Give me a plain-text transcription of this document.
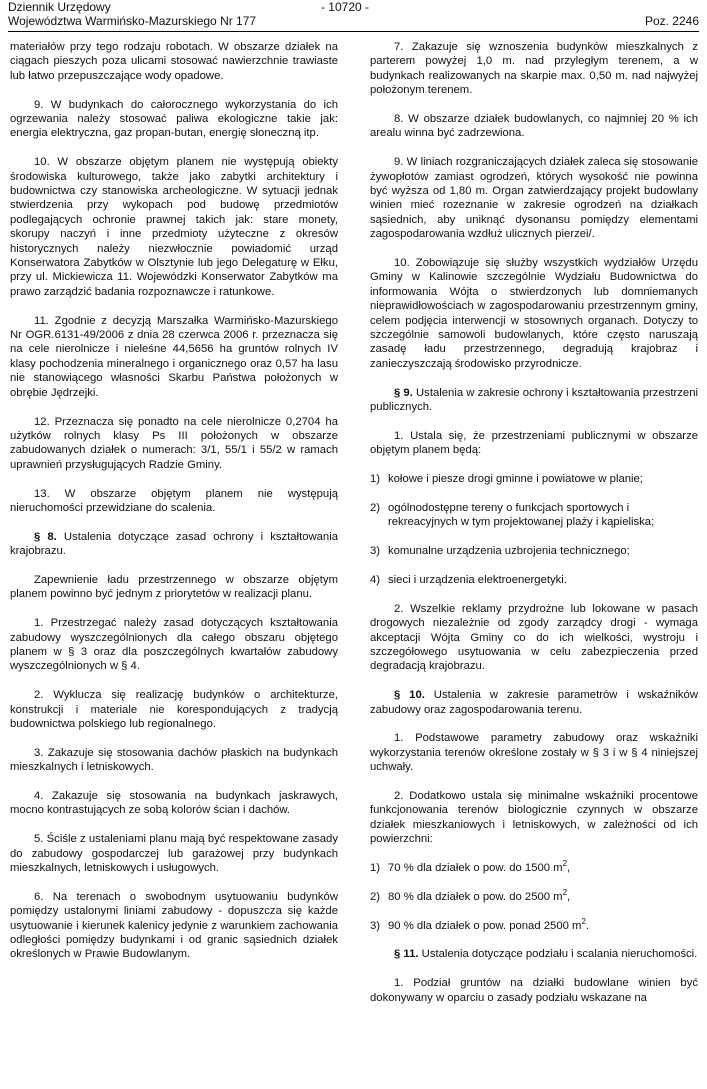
Dziennik Urzędowy	- 10720 -
Województwa Warmińsko-Mazurskiego Nr 177	Poz. 2246

materiałów przy tego rodzaju robotach. W obszarze działek na ciągach pieszych poza ulicami stosować nawierzchnie trawiaste lub łatwo przepuszczające wody opadowe.

9. W budynkach do całorocznego wykorzystania do ich ogrzewania należy stosować paliwa ekologiczne takie jak: energia elektryczna, gaz propan-butan, energię słoneczną itp.

10. W obszarze objętym planem nie występują obiekty środowiska kulturowego, także jako zabytki architektury i budownictwa czy stanowiska archeologiczne. W sytuacji jednak stwierdzenia przy wykopach pod budowę przedmiotów podlegających ochronie prawnej takich jak: stare monety, skorupy naczyń i inne przedmioty użyteczne z okresów historycznych należy niezwłocznie powiadomić urząd Konserwatora Zabytków w Olsztynie lub jego Delegaturę w Ełku, przy ul. Mickiewicza 11. Wojewódzki Konserwator Zabytków ma prawo zarządzić badania rozpoznawcze i ratunkowe.

11. Zgodnie z decyzją Marszałka Warmińsko-Mazurskiego Nr OGR.6131-49/2006 z dnia 28 czerwca 2006 r. przeznacza się na cele nierolnicze i nieleśne 44,5656 ha gruntów rolnych IV klasy pochodzenia mineralnego i organicznego oraz 0,57 ha lasu nie stanowiącego własności Skarbu Państwa położonych w obrębie Jędrzejki.

12. Przeznacza się ponadto na cele nierolnicze 0,2704 ha użytków rolnych klasy Ps III położonych w obszarze zabudowanych działek o numerach: 3/1, 55/1 i 55/2 w ramach uprawnień przysługujących Radzie Gminy.

13. W obszarze objętym planem nie występują nieruchomości przewidziane do scalenia.

§ 8. Ustalenia dotyczące zasad ochrony i kształtowania krajobrazu.

Zapewnienie ładu przestrzennego w obszarze objętym planem powinno być jednym z priorytetów w realizacji planu.

1. Przestrzegać należy zasad dotyczących kształtowania zabudowy wyszczególnionych dla całego obszaru objętego planem w § 3 oraz dla poszczególnych kwartałów zabudowy wyszczególnionych w § 4.

2. Wyklucza się realizację budynków o architekturze, konstrukcji i materiale nie korespondujących z tradycją budownictwa polskiego lub regionalnego.

3. Zakazuje się stosowania dachów płaskich na budynkach mieszkalnych i letniskowych.

4. Zakazuje się stosowania na budynkach jaskrawych, mocno kontrastujących ze sobą kolorów ścian i dachów.

5. Ściśle z ustaleniami planu mają być respektowane zasady do zabudowy gospodarczej lub garażowej przy budynkach mieszkalnych, letniskowych i usługowych.

6. Na terenach o swobodnym usytuowaniu budynków pomiędzy ustalonymi liniami zabudowy - dopuszcza się każde usytuowanie i kierunek kalenicy jedynie z warunkiem zachowania odległości pomiędzy budynkami i od granic sąsiednich działek określonych w Prawie Budowlanym.

7. Zakazuje się wznoszenia budynków mieszkalnych z parterem powyżej 1,0 m. nad przyległym terenem, a w budynkach realizowanych na skarpie max. 0,50 m. nad najwyżej położonym terenem.

8. W obszarze działek budowlanych, co najmniej 20 % ich arealu winna być zadrzewiona.

9. W liniach rozgraniczających działek zaleca się stosowanie żywopłotów zamiast ogrodzeń, których wysokość nie powinna być wyższa od 1,80 m. Organ zatwierdzający projekt budowlany winien mieć rozeznanie w zakresie ogrodzeń na działkach sąsiednich, aby uniknąć dysonansu pomiędzy elementami zagospodarowania wzdłuż ulicznych pierzei/.

10. Zobowiązuje się służby wszystkich wydziałów Urzędu Gminy w Kalinowie szczególnie Wydziału Budownictwa do informowania Wójta o stwierdzonych lub domniemanych nieprawidłowościach w zagospodarowaniu przestrzennym gminy, celem podjęcia interwencji w stosownych organach. Dotyczy to szczególnie samowoli budowlanych, które często naruszają zasadę ładu przestrzennego, degradują krajobraz i zanieczyszczają środowisko przyrodnicze.

§ 9. Ustalenia w zakresie ochrony i kształtowania przestrzeni publicznych.

1. Ustala się, że przestrzeniami publicznymi w obszarze objętym planem będą:

1) kołowe i piesze drogi gminne i powiatowe w planie;
2) ogólnodostępne tereny o funkcjach sportowych i rekreacyjnych w tym projektowanej plaży i kąpieliska;
3) komunalne urządzenia uzbrojenia technicznego;
4) sieci i urządzenia elektroenergetyki.

2. Wszelkie reklamy przydrożne lub lokowane w pasach drogowych niezależnie od zgody zarządcy drogi - wymaga akceptacji Wójta Gminy co do ich wielkości, wystroju i szczegółowego usytuowania w celu zabezpieczenia przed degradacją krajobrazu.

§ 10. Ustalenia w zakresie parametrów i wskaźników zabudowy oraz zagospodarowania terenu.

1. Podstawowe parametry zabudowy oraz wskaźniki wykorzystania terenów określone zostały w § 3 i w § 4 niniejszej uchwały.

2. Dodatkowo ustala się minimalne wskaźniki procentowe funkcjonowania terenów biologicznie czynnych w obszarze działek mieszkaniowych i letniskowych, w zależności od ich powierzchni:

1) 70 % dla działek o pow. do 1500 $m^2$,
2) 80 % dla działek o pow. do 2500 $m^2$,
3) 90 % dla działek o pow. ponad 2500 $m^2$.

§ 11. Ustalenia dotyczące podziału i scalania nieruchomości.

1. Podział gruntów na działki budowlane winien być dokonywany w oparciu o zasady podziału wskazane na
